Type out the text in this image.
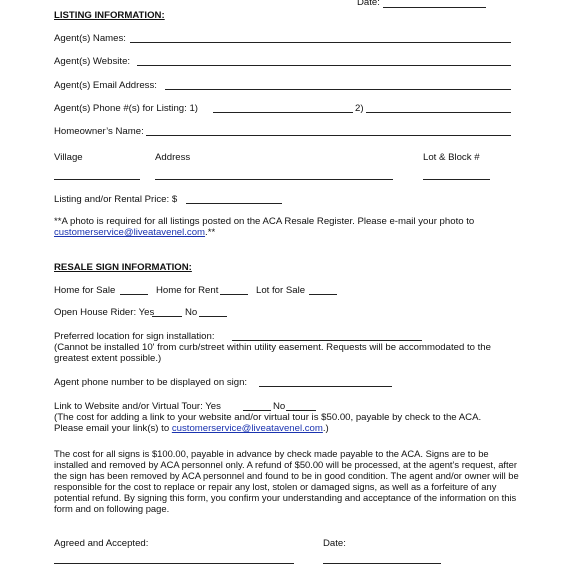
Date:
LISTING INFORMATION:
Agent(s) Names:
Agent(s) Website:
Agent(s) Email Address:
Agent(s) Phone #(s) for Listing: 1)	2)
Homeowner’s Name:
Village	Address	Lot & Block #
Listing and/or Rental Price: $
**A photo is required for all listings posted on the ACA Resale Register. Please e-mail your photo to
customerservice@liveatavenel.com.**
RESALE SIGN INFORMATION:
Home for Sale	Home for Rent	Lot for Sale
Open House Rider: Yes	No
Preferred location for sign installation:
(Cannot be installed 10' from curb/street within utility easement. Requests will be accommodated to the
greatest extent possible.)
Agent phone number to be displayed on sign:
Link to Website and/or Virtual Tour: Yes	No
(The cost for adding a link to your website and/or virtual tour is $50.00, payable by check to the ACA.
Please email your link(s) to customerservice@liveatavenel.com.)
The cost for all signs is $100.00, payable in advance by check made payable to the ACA. Signs are to be installed and removed by ACA personnel only. A refund of $50.00 will be processed, at the agent’s request, after the sign has been removed by ACA personnel and found to be in good condition. The agent and/or owner will be responsible for the cost to replace or repair any lost, stolen or damaged signs, as well as a forfeiture of any potential refund. By signing this form, you confirm your understanding and acceptance of the information on this form and on following page.
Agreed and Accepted:	Date:
